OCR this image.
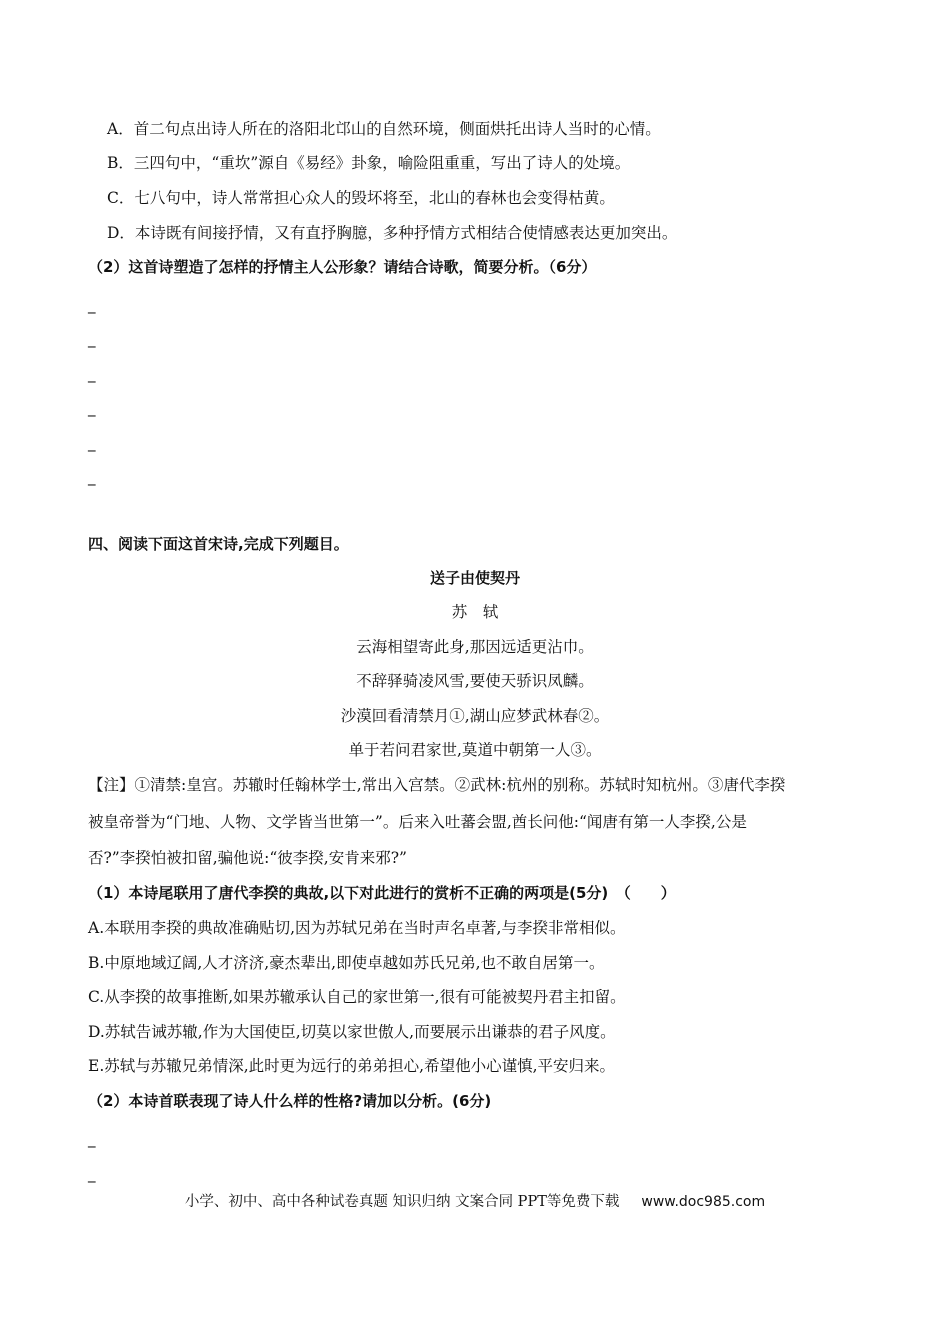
A．首二句点出诗人所在的洛阳北邙山的自然环境，侧面烘托出诗人当时的心情。
B．三四句中，“重坎”源自《易经》卦象，喻险阻重重，写出了诗人的处境。
C．七八句中，诗人常常担心众人的毁坏将至，北山的春林也会变得枯黄。
D．本诗既有间接抒情，又有直抒胸臆，多种抒情方式相结合使情感表达更加突出。
（2）这首诗塑造了怎样的抒情主人公形象？请结合诗歌，简要分析。（6分）
_
_
_
_
_
_
四、阅读下面这首宋诗,完成下列题目。
送子由使契丹
苏　轼
云海相望寄此身,那因远适更沾巾。
不辞驿骑凌风雪,要使天骄识凤麟。
沙漠回看清禁月①,湖山应梦武林春②。
单于若问君家世,莫道中朝第一人③。
【注】①清禁:皇宫。苏辙时任翰林学士,常出入宫禁。②武林:杭州的别称。苏轼时知杭州。③唐代李揆
被皇帝誉为“门地、人物、文学皆当世第一”。后来入吐蕃会盟,酋长问他:“闻唐有第一人李揆,公是
否?”李揆怕被扣留,骗他说:“彼李揆,安肯来邪?”
（1）本诗尾联用了唐代李揆的典故,以下对此进行的赏析不正确的两项是(5分)　（　　）
A.本联用李揆的典故准确贴切,因为苏轼兄弟在当时声名卓著,与李揆非常相似。
B.中原地域辽阔,人才济济,豪杰辈出,即使卓越如苏氏兄弟,也不敢自居第一。
C.从李揆的故事推断,如果苏辙承认自己的家世第一,很有可能被契丹君主扣留。
D.苏轼告诫苏辙,作为大国使臣,切莫以家世傲人,而要展示出谦恭的君子风度。
E.苏轼与苏辙兄弟情深,此时更为远行的弟弟担心,希望他小心谨慎,平安归来。
（2）本诗首联表现了诗人什么样的性格?请加以分析。(6分)
_
_
小学、初中、高中各种试卷真题 知识归纳 文案合同 PPT等免费下载 www.doc985.com
